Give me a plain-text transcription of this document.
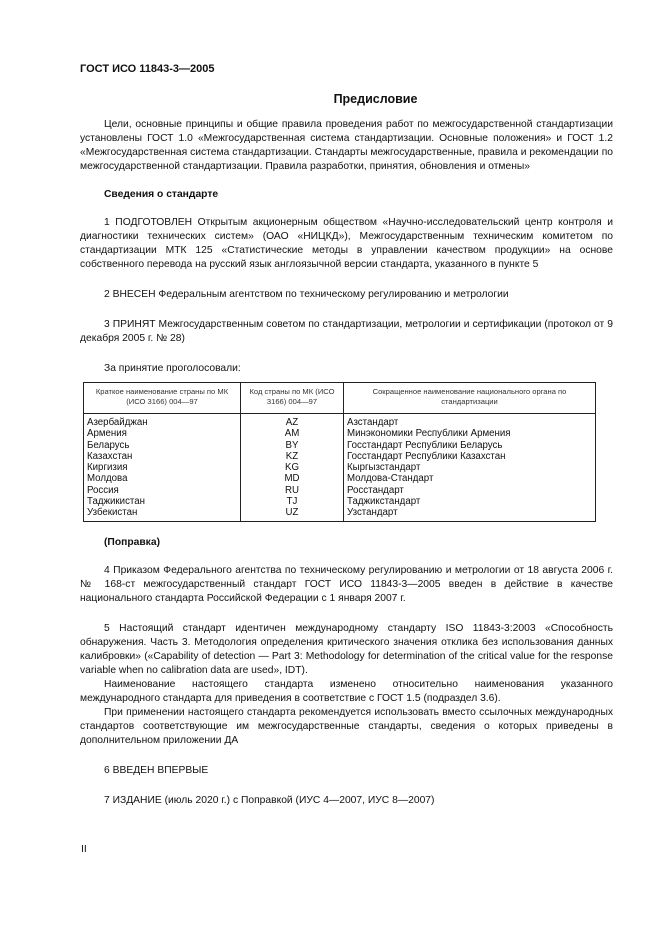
ГОСТ ИСО 11843-3—2005
Предисловие

Цели, основные принципы и общие правила проведения работ по межгосударственной стандартизации установлены ГОСТ 1.0 «Межгосударственная система стандартизации. Основные положения» и ГОСТ 1.2 «Межгосударственная система стандартизации. Стандарты межгосударственные, правила и рекомендации по межгосударственной стандартизации. Правила разработки, принятия, обновления и отмены»

Сведения о стандарте

1 ПОДГОТОВЛЕН Открытым акционерным обществом «Научно-исследовательский центр контроля и диагностики технических систем» (ОАО «НИЦКД»), Межгосударственным техническим комитетом по стандартизации МТК 125 «Статистические методы в управлении качеством продукции» на основе собственного перевода на русский язык англоязычной версии стандарта, указанного в пункте 5

2 ВНЕСЕН Федеральным агентством по техническому регулированию и метрологии

3 ПРИНЯТ Межгосударственным советом по стандартизации, метрологии и сертификации (протокол от 9 декабря 2005 г. № 28)

За принятие проголосовали:

Краткое наименование страны по МК (ИСО 3166) 004—97	Код страны по МК (ИСО 3166) 004—97	Сокращенное наименование национального органа по стандартизации
Азербайджан	AZ	Азстандарт
Армения	AM	Минэкономики Республики Армения
Беларусь	BY	Госстандарт Республики Беларусь
Казахстан	KZ	Госстандарт Республики Казахстан
Киргизия	KG	Кыргызстандарт
Молдова	MD	Молдова-Стандарт
Россия	RU	Росстандарт
Таджикистан	TJ	Таджикстандарт
Узбекистан	UZ	Узстандарт

(Поправка)

4 Приказом Федерального агентства по техническому регулированию и метрологии от 18 августа 2006 г. № 168-ст межгосударственный стандарт ГОСТ ИСО 11843-3—2005 введен в действие в качестве национального стандарта Российской Федерации с 1 января 2007 г.

5 Настоящий стандарт идентичен международному стандарту ISO 11843-3:2003 «Способность обнаружения. Часть 3. Методология определения критического значения отклика без использования данных калибровки» («Capability of detection — Part 3: Methodology for determination of the critical value for the response variable when no calibration data are used», IDT).

Наименование настоящего стандарта изменено относительно наименования указанного международного стандарта для приведения в соответствие с ГОСТ 1.5 (подраздел 3.6).

При применении настоящего стандарта рекомендуется использовать вместо ссылочных международных стандартов соответствующие им межгосударственные стандарты, сведения о которых приведены в дополнительном приложении ДА

6 ВВЕДЕН ВПЕРВЫЕ

7 ИЗДАНИЕ (июль 2020 г.) с Поправкой (ИУС 4—2007, ИУС 8—2007)

II
